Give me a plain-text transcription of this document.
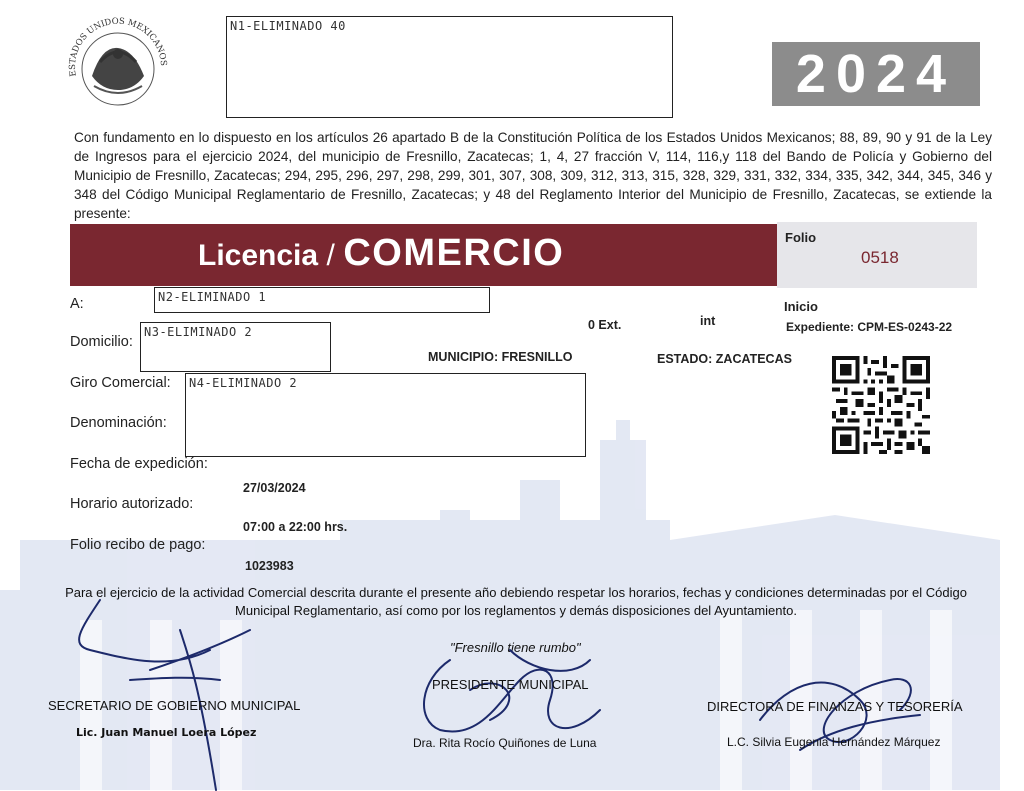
ESTADOS UNIDOS MEXICANOS
N1-ELIMINADO 40
2024
Con fundamento en lo dispuesto en los artículos 26 apartado B de la Constitución Política de los Estados Unidos Mexicanos; 88, 89, 90 y 91 de la Ley de Ingresos para el ejercicio 2024, del municipio de Fresnillo, Zacatecas; 1, 4, 27 fracción V, 114, 116,y 118 del Bando de Policía y Gobierno del Municipio de Fresnillo, Zacatecas; 294, 295, 296, 297, 298, 299, 301, 307, 308, 309, 312, 313, 315, 328, 329, 331, 332, 334, 335, 342, 344, 345, 346 y 348 del Código Municipal Reglamentario de Fresnillo, Zacatecas; y 48 del Reglamento Interior del Municipio de Fresnillo, Zacatecas, se extiende la presente:
Licencia / COMERCIO	Folio
0518
A:	N2-ELIMINADO 1
Inicio
Expediente: CPM-ES-0243-22
Domicilio:
N3-ELIMINADO 2	0 Ext.	int
MUNICIPIO: FRESNILLO	ESTADO: ZACATECAS
Giro Comercial:
Denominación:
N4-ELIMINADO 2
Fecha de expedición:
27/03/2024
Horario autorizado:
07:00 a 22:00 hrs.
Folio recibo de pago:
1023983
Para el ejercicio de la actividad Comercial descrita durante el presente año debiendo respetar los horarios, fechas y condiciones determinadas por el Código Municipal Reglamentario, así como por los reglamentos y demás disposiciones del Ayuntamiento.
"Fresnillo tiene rumbo"
SECRETARIO DE GOBIERNO MUNICIPAL
Lic. Juan Manuel Loera López
PRESIDENTE MUNICIPAL
Dra. Rita Rocío Quiñones de Luna
DIRECTORA DE FINANZAS Y TESORERÍA
L.C. Silvia Eugenia Hernández Márquez
